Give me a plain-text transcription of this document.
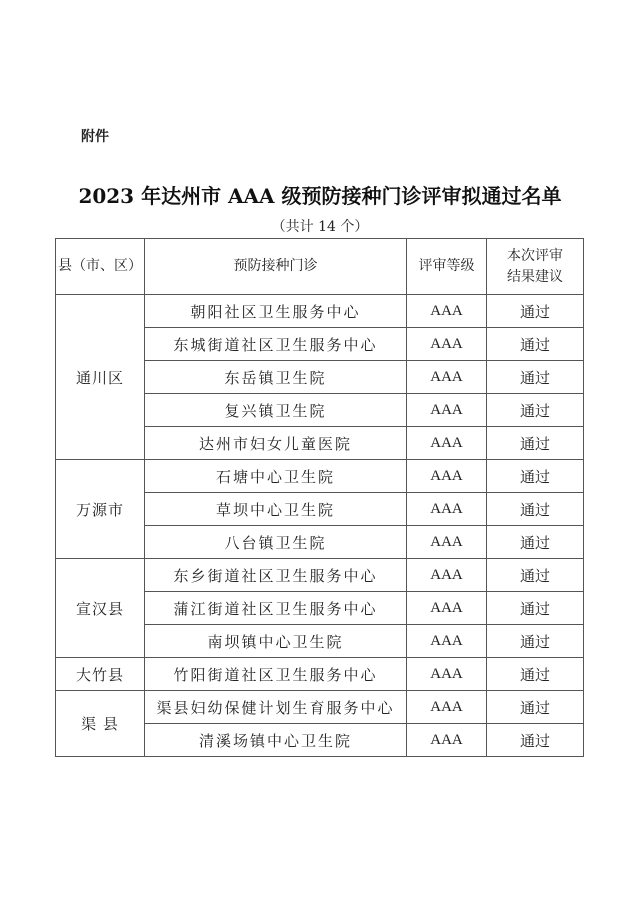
附件
2023 年达州市 AAA 级预防接种门诊评审拟通过名单
（共计 14 个）
县（市、区）	预防接种门诊	评审等级	本次评审
结果建议
通川区	朝阳社区卫生服务中心	AAA	通过
	东城街道社区卫生服务中心	AAA	通过
	东岳镇卫生院	AAA	通过
	复兴镇卫生院	AAA	通过
	达州市妇女儿童医院	AAA	通过
万源市	石塘中心卫生院	AAA	通过
	草坝中心卫生院	AAA	通过
	八台镇卫生院	AAA	通过
宣汉县	东乡街道社区卫生服务中心	AAA	通过
	蒲江街道社区卫生服务中心	AAA	通过
	南坝镇中心卫生院	AAA	通过
大竹县	竹阳街道社区卫生服务中心	AAA	通过
渠 县	渠县妇幼保健计划生育服务中心	AAA	通过
	清溪场镇中心卫生院	AAA	通过
